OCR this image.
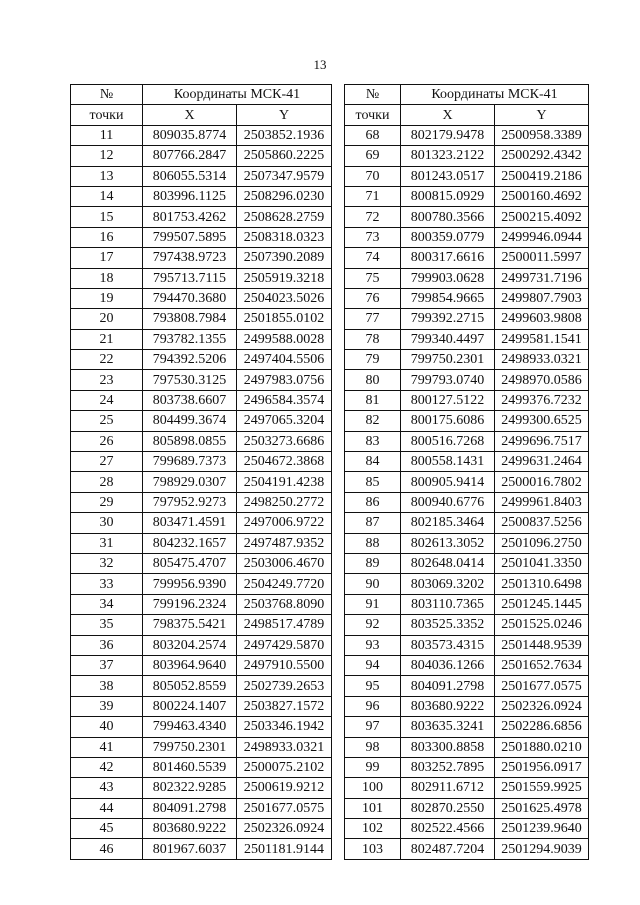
13
№	Координаты МСК-41	
точки	X	Y
11	809035.8774	2503852.1936
12	807766.2847	2505860.2225
13	806055.5314	2507347.9579
14	803996.1125	2508296.0230
15	801753.4262	2508628.2759
16	799507.5895	2508318.0323
17	797438.9723	2507390.2089
18	795713.7115	2505919.3218
19	794470.3680	2504023.5026
20	793808.7984	2501855.0102
21	793782.1355	2499588.0028
22	794392.5206	2497404.5506
23	797530.3125	2497983.0756
24	803738.6607	2496584.3574
25	804499.3674	2497065.3204
26	805898.0855	2503273.6686
27	799689.7373	2504672.3868
28	798929.0307	2504191.4238
29	797952.9273	2498250.2772
30	803471.4591	2497006.9722
31	804232.1657	2497487.9352
32	805475.4707	2503006.4670
33	799956.9390	2504249.7720
34	799196.2324	2503768.8090
35	798375.5421	2498517.4789
36	803204.2574	2497429.5870
37	803964.9640	2497910.5500
38	805052.8559	2502739.2653
39	800224.1407	2503827.1572
40	799463.4340	2503346.1942
41	799750.2301	2498933.0321
42	801460.5539	2500075.2102
43	802322.9285	2500619.9212
44	804091.2798	2501677.0575
45	803680.9222	2502326.0924
46	801967.6037	2501181.9144
№	Координаты МСК-41	
точки	X	Y
68	802179.9478	2500958.3389
69	801323.2122	2500292.4342
70	801243.0517	2500419.2186
71	800815.0929	2500160.4692
72	800780.3566	2500215.4092
73	800359.0779	2499946.0944
74	800317.6616	2500011.5997
75	799903.0628	2499731.7196
76	799854.9665	2499807.7903
77	799392.2715	2499603.9808
78	799340.4497	2499581.1541
79	799750.2301	2498933.0321
80	799793.0740	2498970.0586
81	800127.5122	2499376.7232
82	800175.6086	2499300.6525
83	800516.7268	2499696.7517
84	800558.1431	2499631.2464
85	800905.9414	2500016.7802
86	800940.6776	2499961.8403
87	802185.3464	2500837.5256
88	802613.3052	2501096.2750
89	802648.0414	2501041.3350
90	803069.3202	2501310.6498
91	803110.7365	2501245.1445
92	803525.3352	2501525.0246
93	803573.4315	2501448.9539
94	804036.1266	2501652.7634
95	804091.2798	2501677.0575
96	803680.9222	2502326.0924
97	803635.3241	2502286.6856
98	803300.8858	2501880.0210
99	803252.7895	2501956.0917
100	802911.6712	2501559.9925
101	802870.2550	2501625.4978
102	802522.4566	2501239.9640
103	802487.7204	2501294.9039
